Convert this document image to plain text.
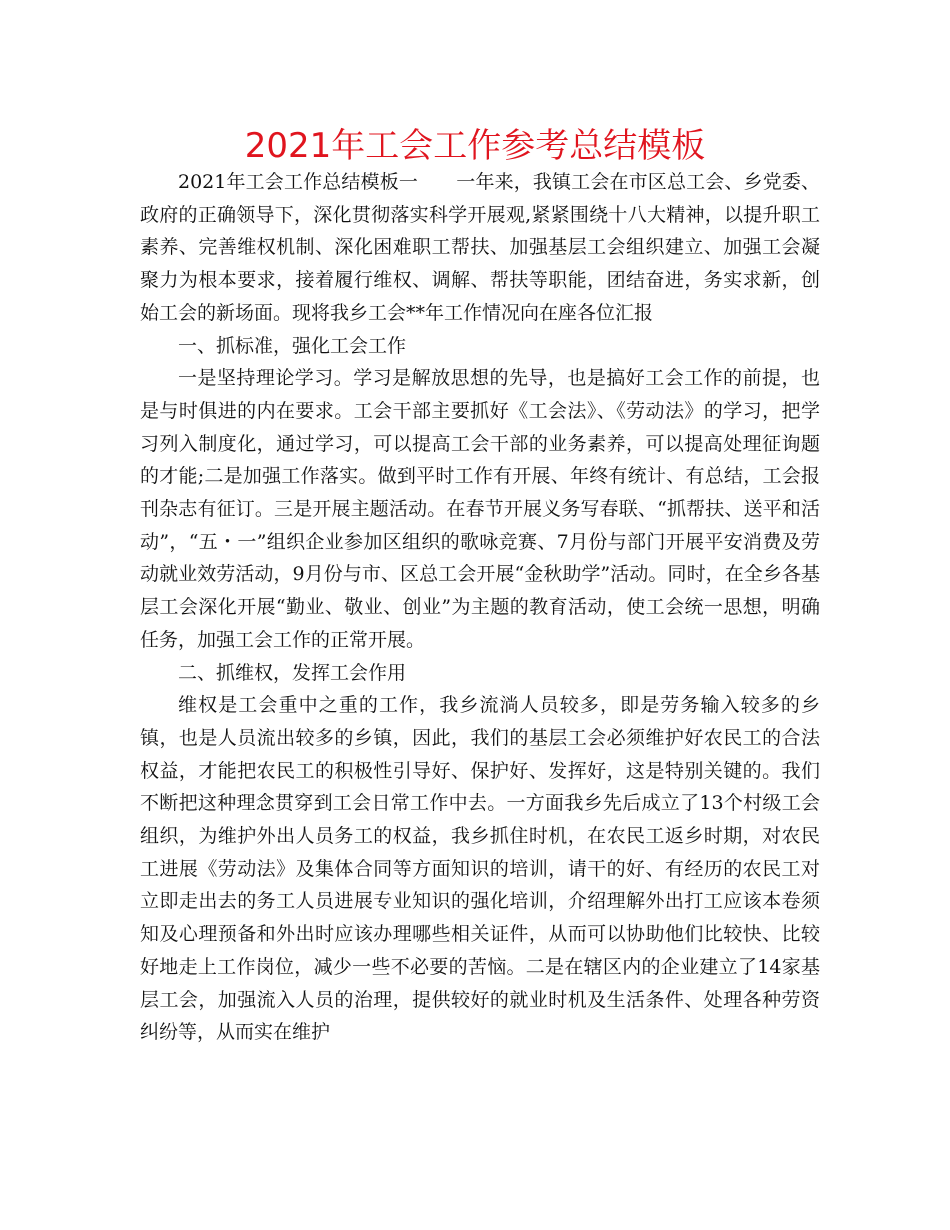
2021年工会工作参考总结模板

2021年工会工作总结模板一　　一年来，我镇工会在市区总工会、乡党委、政府的正确领导下，深化贯彻落实科学开展观,紧紧围绕十八大精神，以提升职工素养、完善维权机制、深化困难职工帮扶、加强基层工会组织建立、加强工会凝聚力为根本要求，接着履行维权、调解、帮扶等职能，团结奋进，务实求新，创始工会的新场面。现将我乡工会**年工作情况向在座各位汇报

一、抓标准，强化工会工作

一是坚持理论学习。学习是解放思想的先导，也是搞好工会工作的前提，也是与时俱进的内在要求。工会干部主要抓好《工会法》、《劳动法》的学习，把学习列入制度化，通过学习，可以提高工会干部的业务素养，可以提高处理征询题的才能;二是加强工作落实。做到平时工作有开展、年终有统计、有总结，工会报刊杂志有征订。三是开展主题活动。在春节开展义务写春联、“抓帮扶、送平和活动”，“五・一”组织企业参加区组织的歌咏竞赛、7月份与部门开展平安消费及劳动就业效劳活动，9月份与市、区总工会开展“金秋助学”活动。同时，在全乡各基层工会深化开展“勤业、敬业、创业”为主题的教育活动，使工会统一思想，明确任务，加强工会工作的正常开展。

二、抓维权，发挥工会作用

维权是工会重中之重的工作，我乡流淌人员较多，即是劳务输入较多的乡镇，也是人员流出较多的乡镇，因此，我们的基层工会必须维护好农民工的合法权益，才能把农民工的积极性引导好、保护好、发挥好，这是特别关键的。我们不断把这种理念贯穿到工会日常工作中去。一方面我乡先后成立了13个村级工会组织，为维护外出人员务工的权益，我乡抓住时机，在农民工返乡时期，对农民工进展《劳动法》及集体合同等方面知识的培训，请干的好、有经历的农民工对立即走出去的务工人员进展专业知识的强化培训，介绍理解外出打工应该本卷须知及心理预备和外出时应该办理哪些相关证件，从而可以协助他们比较快、比较好地走上工作岗位，减少一些不必要的苦恼。二是在辖区内的企业建立了14家基层工会，加强流入人员的治理，提供较好的就业时机及生活条件、处理各种劳资纠纷等，从而实在维护
